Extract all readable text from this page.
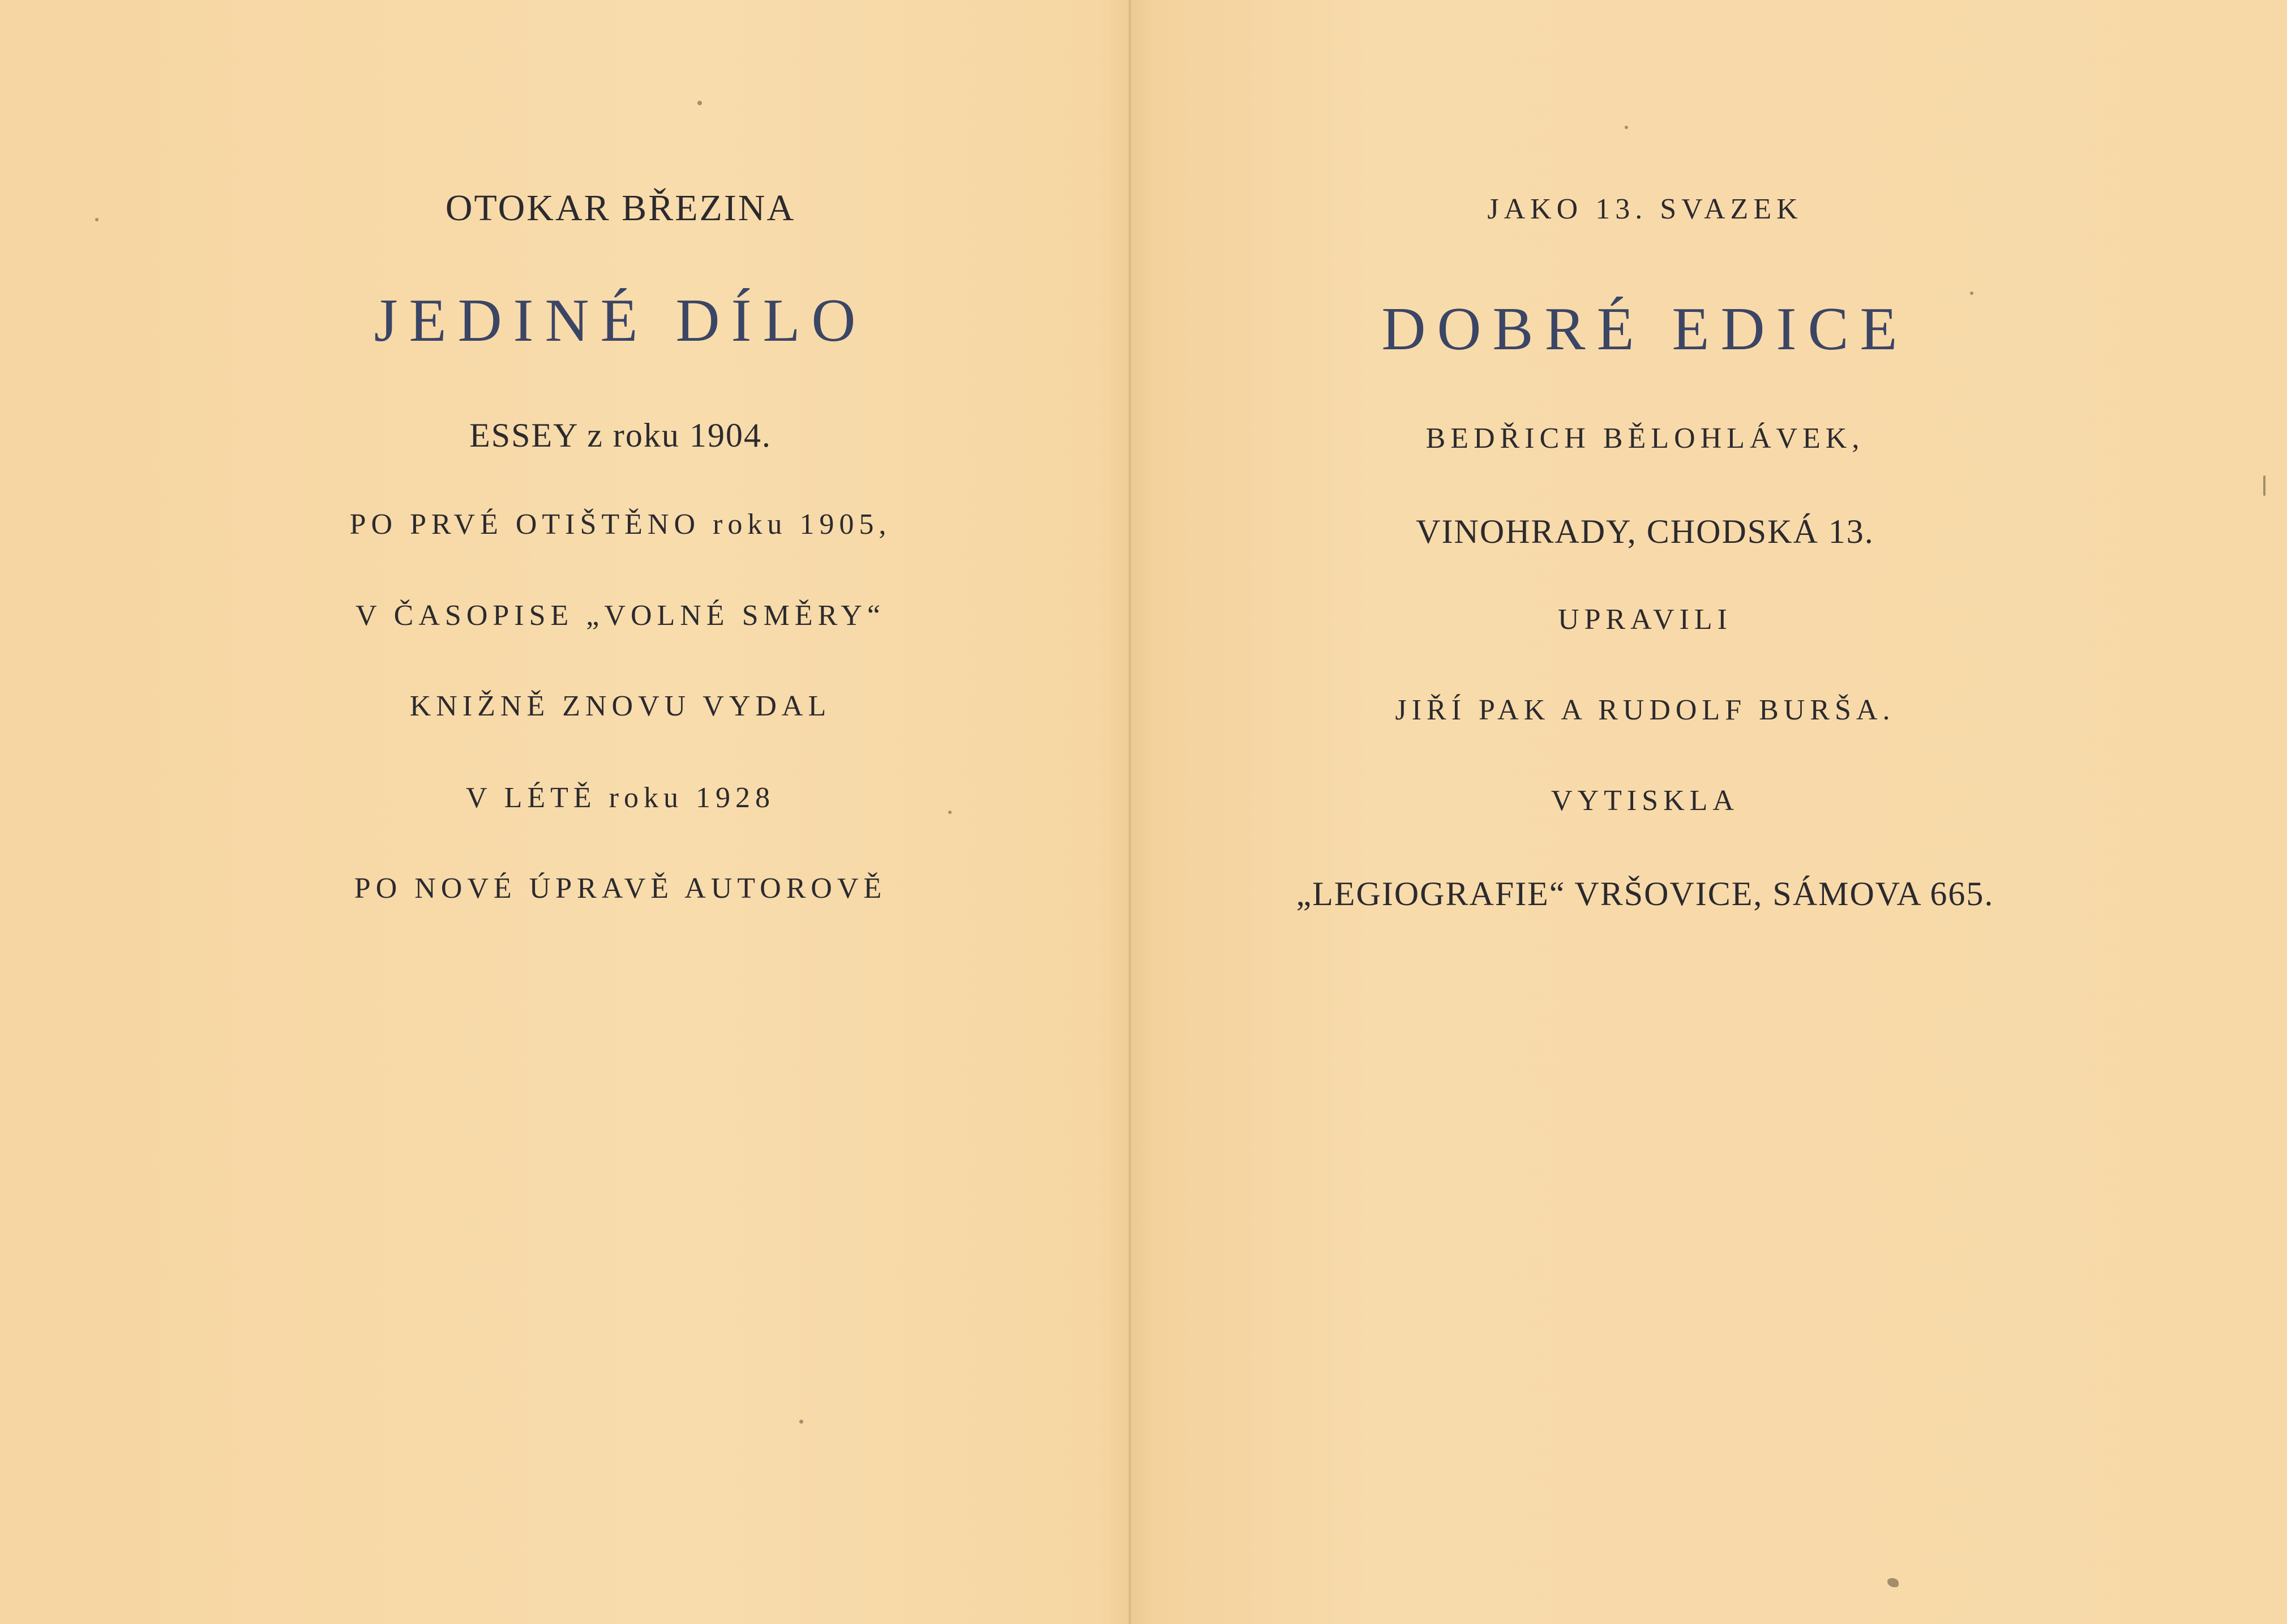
OTOKAR BŘEZINA
JEDINÉ DÍLO
ESSEY z roku 1904.
PO PRVÉ OTIŠTĚNO roku 1905,
V ČASOPISE „VOLNÉ SMĚRY“
KNIŽNĚ ZNOVU VYDAL
V LÉTĚ roku 1928
PO NOVÉ ÚPRAVĚ AUTOROVĚ
JAKO 13. SVAZEK
DOBRÉ EDICE
BEDŘICH BĚLOHLÁVEK,
VINOHRADY, CHODSKÁ 13.
UPRAVILI
JIŘÍ PAK A RUDOLF BURŠA.
VYTISKLA
„LEGIOGRAFIE“ VRŠOVICE, SÁMOVA 665.
